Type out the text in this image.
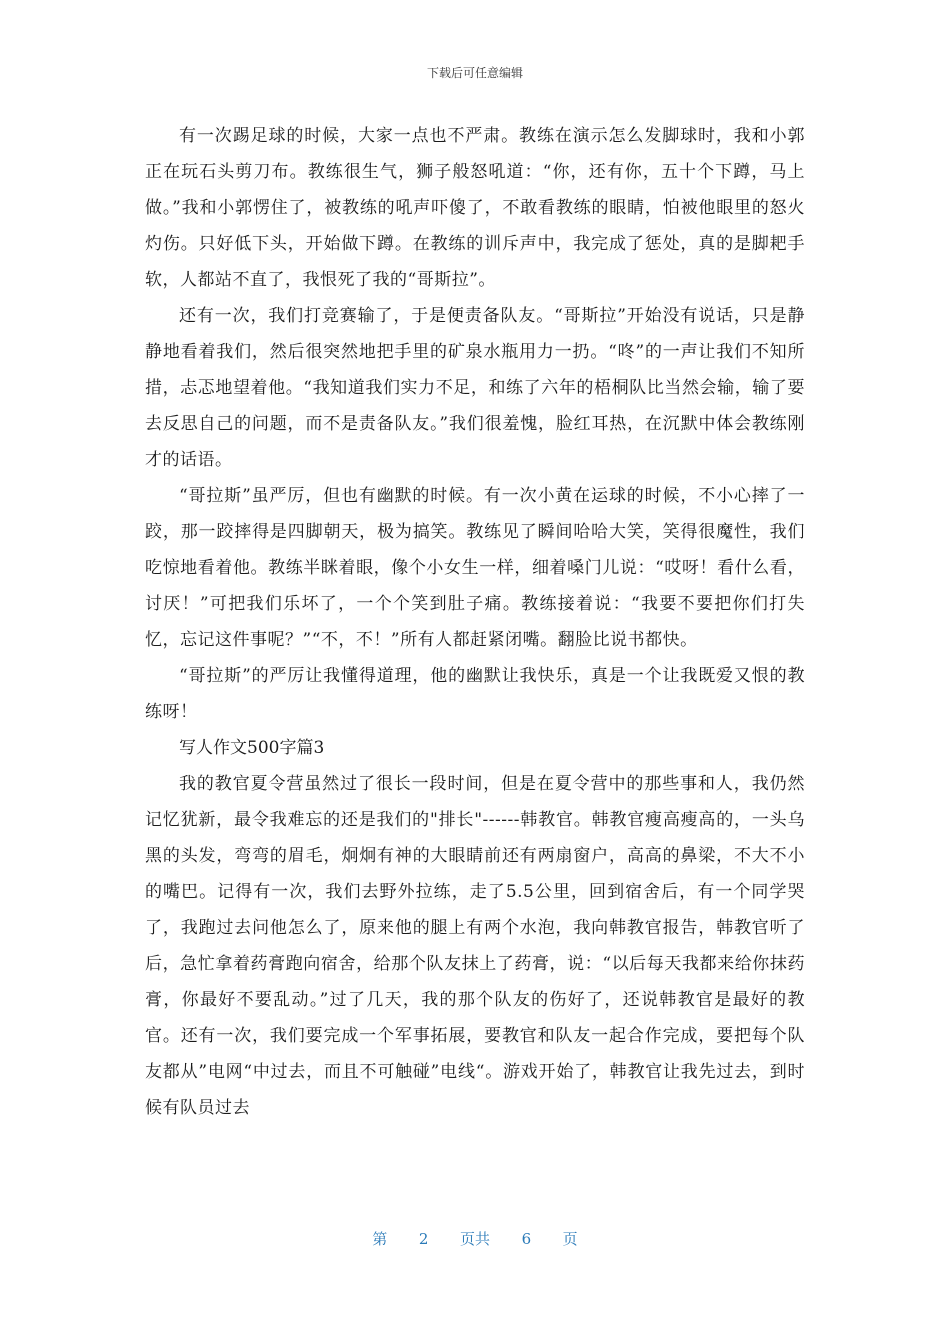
下载后可任意编辑

有一次踢足球的时候，大家一点也不严肃。教练在演示怎么发脚球时，我和小郭正在玩石头剪刀布。教练很生气，狮子般怒吼道：“你，还有你，五十个下蹲，马上做。”我和小郭愣住了，被教练的吼声吓傻了，不敢看教练的眼睛，怕被他眼里的怒火灼伤。只好低下头，开始做下蹲。在教练的训斥声中，我完成了惩处，真的是脚耙手软，人都站不直了，我恨死了我的“哥斯拉”。

还有一次，我们打竞赛输了，于是便责备队友。“哥斯拉”开始没有说话，只是静静地看着我们，然后很突然地把手里的矿泉水瓶用力一扔。“咚”的一声让我们不知所措，忐忑地望着他。“我知道我们实力不足，和练了六年的梧桐队比当然会输，输了要去反思自己的问题，而不是责备队友。”我们很羞愧，脸红耳热，在沉默中体会教练刚才的话语。

“哥拉斯”虽严厉，但也有幽默的时候。有一次小黄在运球的时候，不小心摔了一跤，那一跤摔得是四脚朝天，极为搞笑。教练见了瞬间哈哈大笑，笑得很魔性，我们吃惊地看着他。教练半眯着眼，像个小女生一样，细着嗓门儿说：“哎呀！看什么看，讨厌！”可把我们乐坏了，一个个笑到肚子痛。教练接着说：“我要不要把你们打失忆，忘记这件事呢？”“不，不！”所有人都赶紧闭嘴。翻脸比说书都快。

“哥拉斯”的严厉让我懂得道理，他的幽默让我快乐，真是一个让我既爱又恨的教练呀！

写人作文500字篇3

我的教官夏令营虽然过了很长一段时间，但是在夏令营中的那些事和人，我仍然记忆犹新，最令我难忘的还是我们的"排长"------韩教官。韩教官瘦高瘦高的，一头乌黑的头发，弯弯的眉毛，炯炯有神的大眼睛前还有两扇窗户，高高的鼻梁，不大不小的嘴巴。记得有一次，我们去野外拉练，走了5.5公里，回到宿舍后，有一个同学哭了，我跑过去问他怎么了，原来他的腿上有两个水泡，我向韩教官报告，韩教官听了后，急忙拿着药膏跑向宿舍，给那个队友抹上了药膏，说：“以后每天我都来给你抹药膏，你最好不要乱动。”过了几天，我的那个队友的伤好了，还说韩教官是最好的教官。还有一次，我们要完成一个军事拓展，要教官和队友一起合作完成，要把每个队友都从”电网“中过去，而且不可触碰”电线“。游戏开始了，韩教官让我先过去，到时候有队员过去

第 2 页共 6 页
